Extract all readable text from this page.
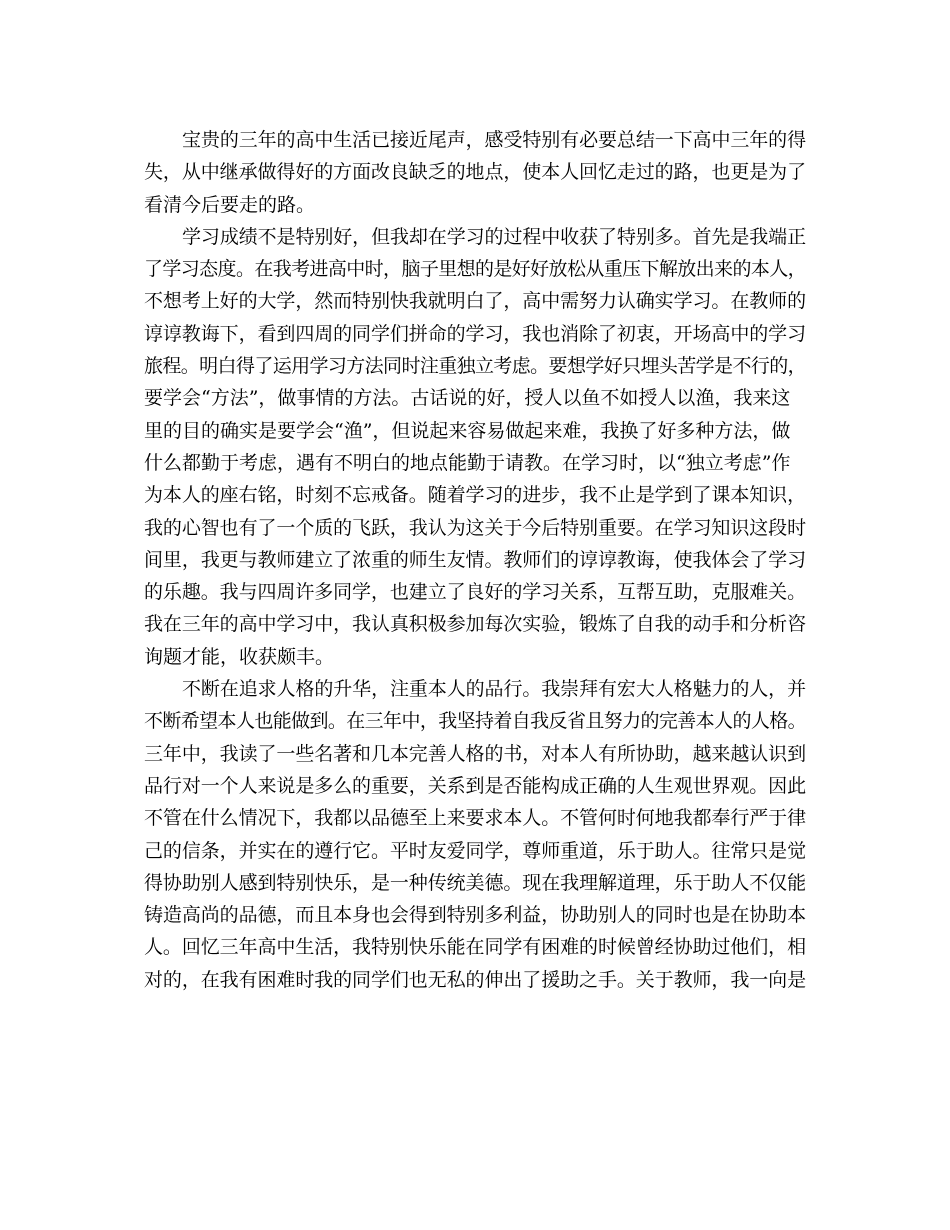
宝贵的三年的高中生活已接近尾声，感受特别有必要总结一下高中三年的得
失，从中继承做得好的方面改良缺乏的地点，使本人回忆走过的路，也更是为了
看清今后要走的路。
学习成绩不是特别好，但我却在学习的过程中收获了特别多。首先是我端正
了学习态度。在我考进高中时，脑子里想的是好好放松从重压下解放出来的本人，
不想考上好的大学，然而特别快我就明白了，高中需努力认确实学习。在教师的
谆谆教诲下，看到四周的同学们拼命的学习，我也消除了初衷，开场高中的学习
旅程。明白得了运用学习方法同时注重独立考虑。要想学好只埋头苦学是不行的，
要学会“方法”，做事情的方法。古话说的好，授人以鱼不如授人以渔，我来这
里的目的确实是要学会“渔”，但说起来容易做起来难，我换了好多种方法，做
什么都勤于考虑，遇有不明白的地点能勤于请教。在学习时，以“独立考虑”作
为本人的座右铭，时刻不忘戒备。随着学习的进步，我不止是学到了课本知识，
我的心智也有了一个质的飞跃，我认为这关于今后特别重要。在学习知识这段时
间里，我更与教师建立了浓重的师生友情。教师们的谆谆教诲，使我体会了学习
的乐趣。我与四周许多同学，也建立了良好的学习关系，互帮互助，克服难关。
我在三年的高中学习中，我认真积极参加每次实验，锻炼了自我的动手和分析咨
询题才能，收获颇丰。
不断在追求人格的升华，注重本人的品行。我崇拜有宏大人格魅力的人，并
不断希望本人也能做到。在三年中，我坚持着自我反省且努力的完善本人的人格。
三年中，我读了一些名著和几本完善人格的书，对本人有所协助，越来越认识到
品行对一个人来说是多么的重要，关系到是否能构成正确的人生观世界观。因此
不管在什么情况下，我都以品德至上来要求本人。不管何时何地我都奉行严于律
己的信条，并实在的遵行它。平时友爱同学，尊师重道，乐于助人。往常只是觉
得协助别人感到特别快乐，是一种传统美德。现在我理解道理，乐于助人不仅能
铸造高尚的品德，而且本身也会得到特别多利益，协助别人的同时也是在协助本
人。回忆三年高中生活，我特别快乐能在同学有困难的时候曾经协助过他们，相
对的，在我有困难时我的同学们也无私的伸出了援助之手。关于教师，我一向是
